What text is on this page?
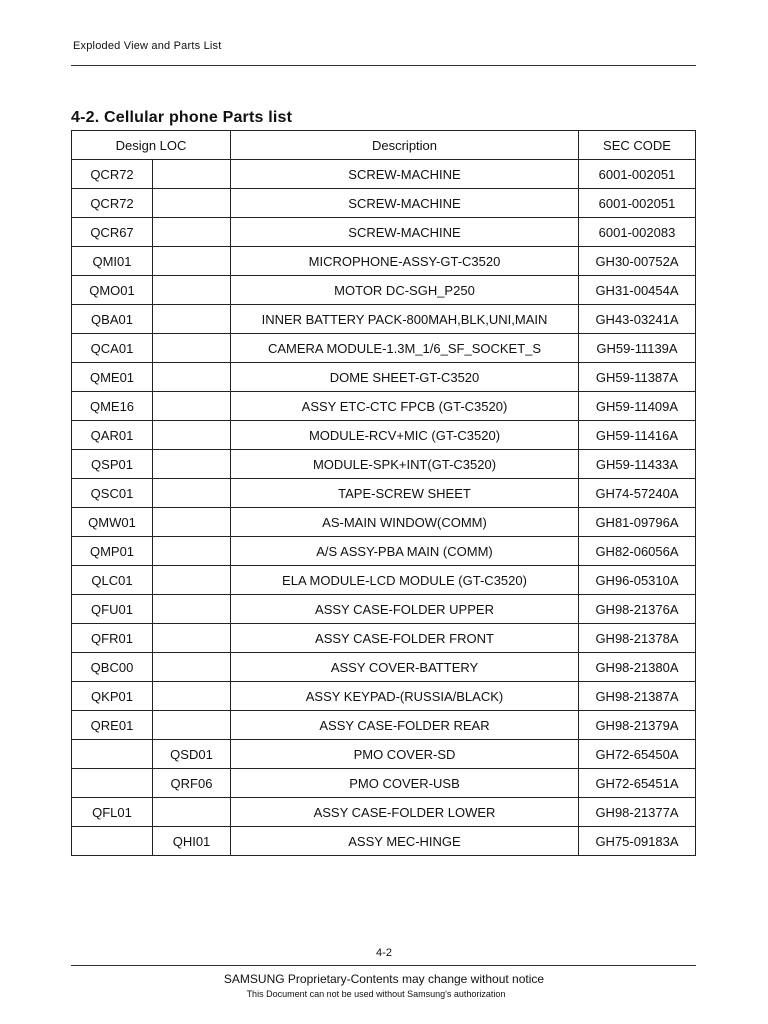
Exploded View and Parts List
4-2. Cellular phone Parts list
Design LOC		Description	SEC CODE
QCR72		SCREW-MACHINE	6001-002051
QCR72		SCREW-MACHINE	6001-002051
QCR67		SCREW-MACHINE	6001-002083
QMI01		MICROPHONE-ASSY-GT-C3520	GH30-00752A
QMO01		MOTOR DC-SGH_P250	GH31-00454A
QBA01		INNER BATTERY PACK-800MAH,BLK,UNI,MAIN	GH43-03241A
QCA01		CAMERA MODULE-1.3M_1/6_SF_SOCKET_S	GH59-11139A
QME01		DOME SHEET-GT-C3520	GH59-11387A
QME16		ASSY ETC-CTC FPCB (GT-C3520)	GH59-11409A
QAR01		MODULE-RCV+MIC (GT-C3520)	GH59-11416A
QSP01		MODULE-SPK+INT(GT-C3520)	GH59-11433A
QSC01		TAPE-SCREW SHEET	GH74-57240A
QMW01		AS-MAIN WINDOW(COMM)	GH81-09796A
QMP01		A/S ASSY-PBA MAIN (COMM)	GH82-06056A
QLC01		ELA MODULE-LCD MODULE (GT-C3520)	GH96-05310A
QFU01		ASSY CASE-FOLDER UPPER	GH98-21376A
QFR01		ASSY CASE-FOLDER FRONT	GH98-21378A
QBC00		ASSY COVER-BATTERY	GH98-21380A
QKP01		ASSY KEYPAD-(RUSSIA/BLACK)	GH98-21387A
QRE01		ASSY CASE-FOLDER REAR	GH98-21379A
	QSD01	PMO COVER-SD	GH72-65450A
	QRF06	PMO COVER-USB	GH72-65451A
QFL01		ASSY CASE-FOLDER LOWER	GH98-21377A
	QHI01	ASSY MEC-HINGE	GH75-09183A
4-2
SAMSUNG Proprietary-Contents may change without notice
This Document can not be used without Samsung's authorization
